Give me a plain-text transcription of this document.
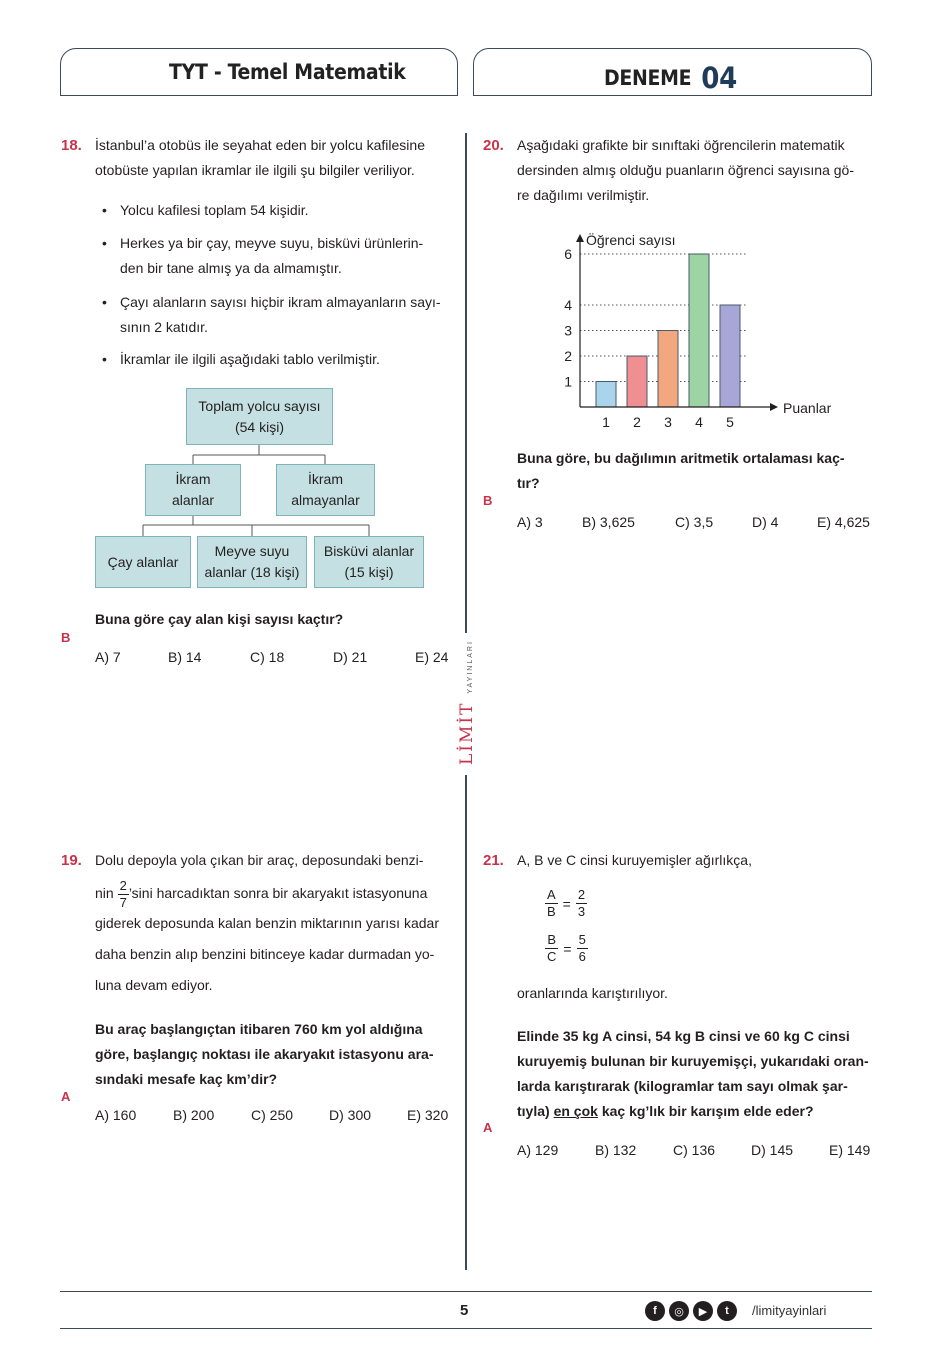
TYT - Temel Matematik	DENEME 04
LİMİT YAYINLARI
18. İstanbul’a otobüs ile seyahat eden bir yolcu kafilesine
otobüste yapılan ikramlar ile ilgili şu bilgiler veriliyor.
• Yolcu kafilesi toplam 54 kişidir.
• Herkes ya bir çay, meyve suyu, bisküvi ürünlerin-
den bir tane almış ya da almamıştır.
• Çayı alanların sayısı hiçbir ikram almayanların sayı-
sının 2 katıdır.
• İkramlar ile ilgili aşağıdaki tablo verilmiştir.
Toplam yolcu sayısı
(54 kişi)
İkram
alanlar
İkram
almayanlar
Çay alanlar
Meyve suyu
alanlar (18 kişi)
Bisküvi alanlar
(15 kişi)
Buna göre çay alan kişi sayısı kaçtır?
B
A) 7	B) 14	C) 18	D) 21	E) 24
19. Dolu depoyla yola çıkan bir araç, deposundaki benzi-
nin $\frac{2}{7}$ ’sini harcadıktan sonra bir akaryakıt istasyonuna
giderek deposunda kalan benzin miktarının yarısı kadar
daha benzin alıp benzini bitinceye kadar durmadan yo-
luna devam ediyor.
Bu araç başlangıçtan itibaren 760 km yol aldığına
göre, başlangıç noktası ile akaryakıt istasyonu ara-
sındaki mesafe kaç km’dir?
A
A) 160	B) 200	C) 250	D) 300	E) 320
20. Aşağıdaki grafikte bir sınıftaki öğrencilerin matematik
dersinden almış olduğu puanların öğrenci sayısına gö-
re dağılımı verilmiştir.
Öğrenci sayısı
Puanlar
1
2
3
4
6
1 2 3 4 5
Buna göre, bu dağılımın aritmetik ortalaması kaç-
tır?
B
A) 3	B) 3,625	C) 3,5	D) 4	E) 4,625
21. A, B ve C cinsi kuruyemişler ağırlıkça,
$\frac{A}{B} = \frac{2}{3}$
$\frac{B}{C} = \frac{5}{6}$
oranlarında karıştırılıyor.
Elinde 35 kg A cinsi, 54 kg B cinsi ve 60 kg C cinsi
kuruyemiş bulunan bir kuruyemişçi, yukarıdaki oran-
larda karıştırarak (kilogramlar tam sayı olmak şar-
tıyla) en çok kaç kg’lık bir karışım elde eder?
A
A) 129	B) 132	C) 136	D) 145	E) 149
5	f	◎	▶	t	/limityayinlari
